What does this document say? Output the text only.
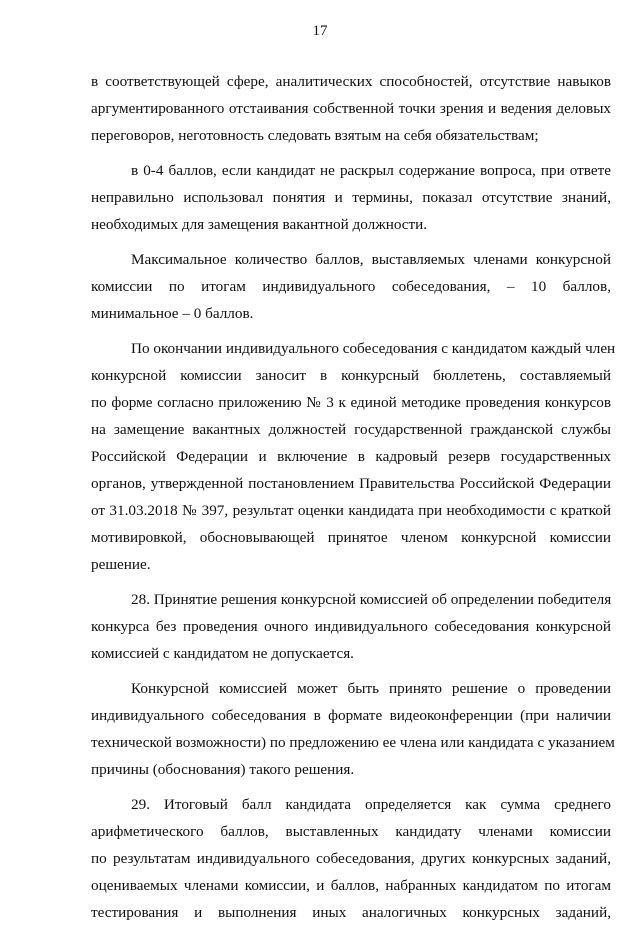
17
в соответствующей сфере, аналитических способностей, отсутствие навыков
аргументированного отстаивания собственной точки зрения и ведения деловых
переговоров, неготовность следовать взятым на себя обязательствам;
в 0-4 баллов, если кандидат не раскрыл содержание вопроса, при ответе
неправильно использовал понятия и термины, показал отсутствие знаний,
необходимых для замещения вакантной должности.
Максимальное количество баллов, выставляемых членами конкурсной
комиссии по итогам индивидуального собеседования, – 10 баллов,
минимальное – 0 баллов.
По окончании индивидуального собеседования с кандидатом каждый член
конкурсной комиссии заносит в конкурсный бюллетень, составляемый
по форме согласно приложению № 3 к единой методике проведения конкурсов
на замещение вакантных должностей государственной гражданской службы
Российской Федерации и включение в кадровый резерв государственных
органов, утвержденной постановлением Правительства Российской Федерации
от 31.03.2018 № 397, результат оценки кандидата при необходимости с краткой
мотивировкой, обосновывающей принятое членом конкурсной комиссии
решение.
28. Принятие решения конкурсной комиссией об определении победителя
конкурса без проведения очного индивидуального собеседования конкурсной
комиссией с кандидатом не допускается.
Конкурсной комиссией может быть принято решение о проведении
индивидуального собеседования в формате видеоконференции (при наличии
технической возможности) по предложению ее члена или кандидата с указанием
причины (обоснования) такого решения.
29. Итоговый балл кандидата определяется как сумма среднего
арифметического баллов, выставленных кандидату членами комиссии
по результатам индивидуального собеседования, других конкурсных заданий,
оцениваемых членами комиссии, и баллов, набранных кандидатом по итогам
тестирования и выполнения иных аналогичных конкурсных заданий,
